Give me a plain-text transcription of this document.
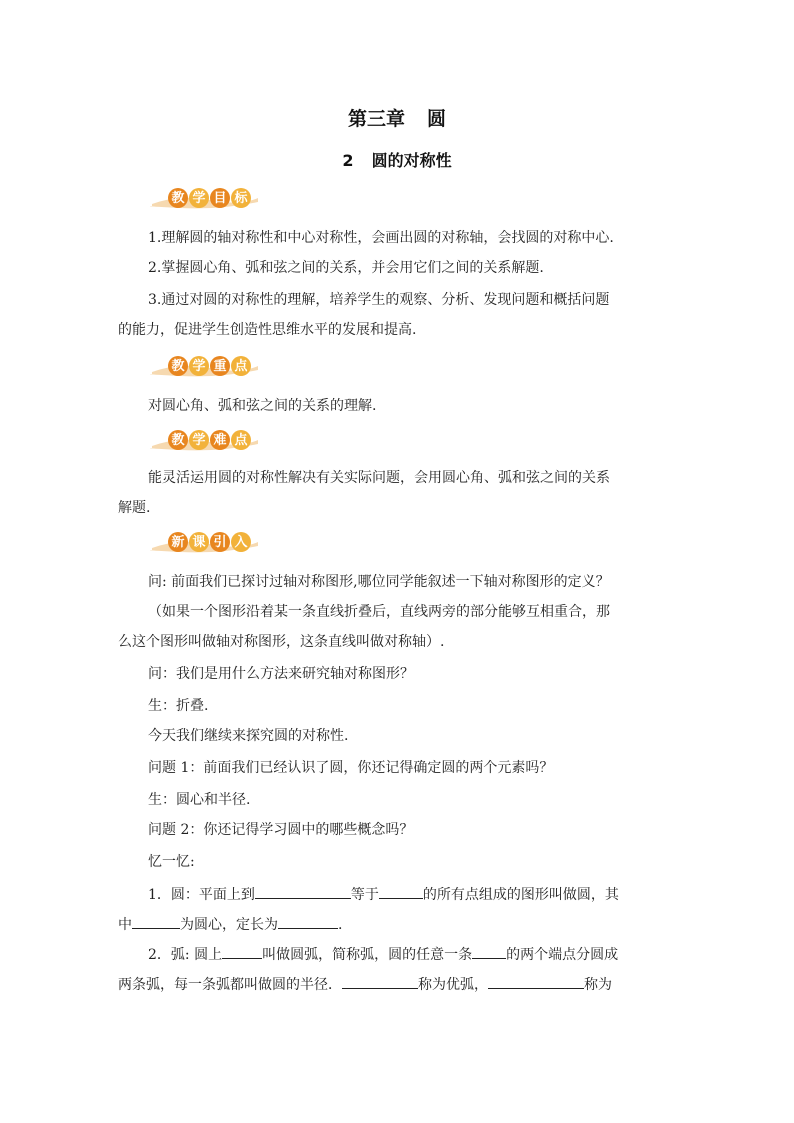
第三章 圆
2 圆的对称性
教 学 目 标
1.理解圆的轴对称性和中心对称性，会画出圆的对称轴，会找圆的对称中心.
2.掌握圆心角、弧和弦之间的关系，并会用它们之间的关系解题.
3.通过对圆的对称性的理解，培养学生的观察、分析、发现问题和概括问题
的能力，促进学生创造性思维水平的发展和提高.
教 学 重 点
对圆心角、弧和弦之间的关系的理解.
教 学 难 点
能灵活运用圆的对称性解决有关实际问题，会用圆心角、弧和弦之间的关系
解题.
新 课 引 入
问: 前面我们已探讨过轴对称图形,哪位同学能叙述一下轴对称图形的定义？
（如果一个图形沿着某一条直线折叠后，直线两旁的部分能够互相重合，那
么这个图形叫做轴对称图形，这条直线叫做对称轴）.
问：我们是用什么方法来研究轴对称图形？
生：折叠.
今天我们继续来探究圆的对称性.
问题 1：前面我们已经认识了圆，你还记得确定圆的两个元素吗？
生：圆心和半径.
问题 2：你还记得学习圆中的哪些概念吗？
忆一忆:
1．圆：平面上到	等于	的所有点组成的图形叫做圆，其
中	为圆心，定长为	.
2．弧: 圆上	叫做圆弧，简称弧，圆的任意一条 的两个端点分圆成
两条弧，每一条弧都叫做圆的半径．	称为优弧，	称为
